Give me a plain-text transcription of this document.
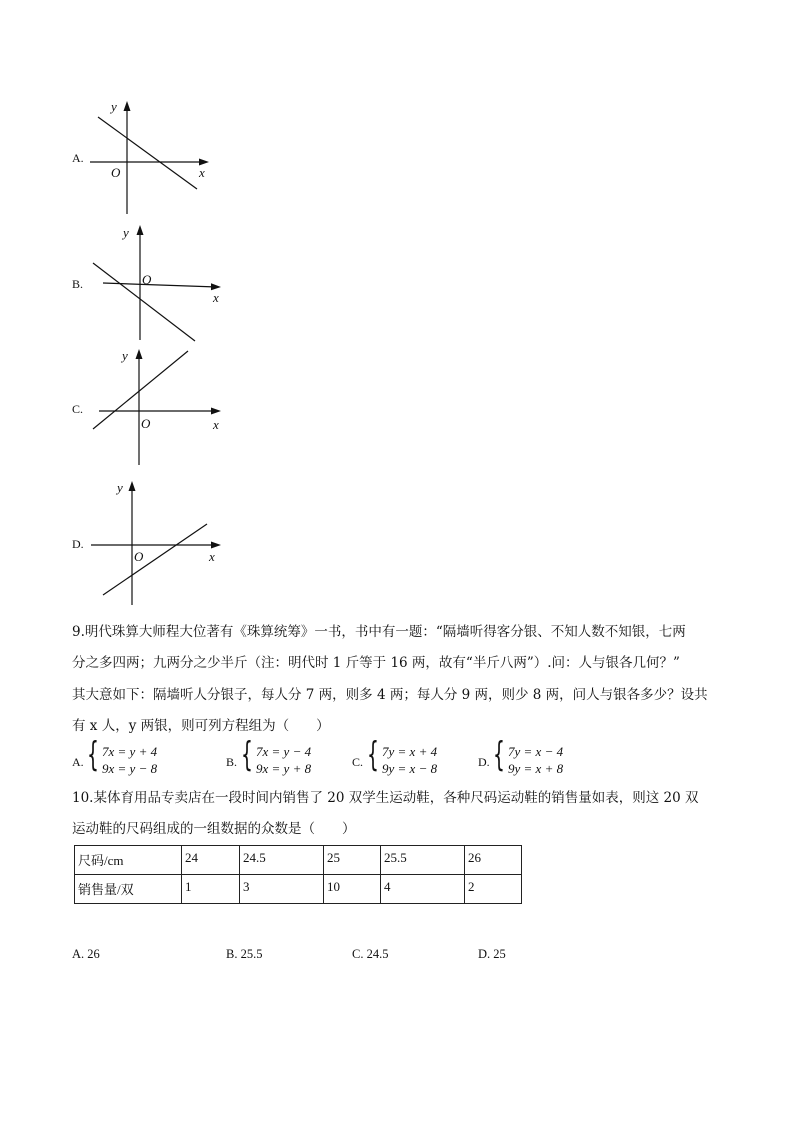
A.
y
O	x
B.
y
O
x
C.
y
O	x
D.
y
O	x
9.明代珠算大师程大位著有《珠算统筹》一书，书中有一题：“隔墙听得客分银、不知人数不知银，七两
分之多四两；九两分之少半斤（注：明代时 1 斤等于 16 两，故有“半斤八两”）.问：人与银各几何？”
其大意如下：隔墙听人分银子，每人分 7 两，则多 4 两；每人分 9 两，则少 8 两，问人与银各多少？设共
有 x 人，y 两银，则可列方程组为（　　）
A. { 7x = y + 4
9x = y − 8	B. { 7x = y − 4
9x = y + 8	C. { 7y = x + 4
9y = x − 8	D. { 7y = x − 4
9y = x + 8
10.某体育用品专卖店在一段时间内销售了 20 双学生运动鞋，各种尺码运动鞋的销售量如表，则这 20 双
运动鞋的尺码组成的一组数据的众数是（　　）
尺码/cm	24	24.5	25	25.5	26
销售量/双	1	3	10	4	2
A. 26	B. 25.5	C. 24.5	D. 25
